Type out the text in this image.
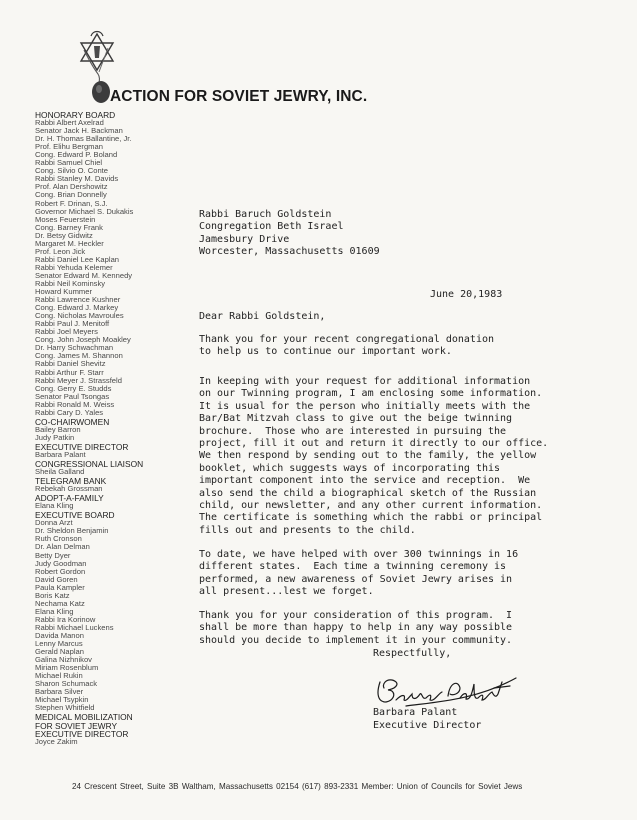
ACTION FOR SOVIET JEWRY, INC.
HONORARY BOARD
Rabbi Albert Axelrad
Senator Jack H. Backman
Dr. H. Thomas Ballantine, Jr.
Prof. Elihu Bergman
Cong. Edward P. Boland
Rabbi Samuel Chiel
Cong. Silvio O. Conte
Rabbi Stanley M. Davids
Prof. Alan Dershowitz
Cong. Brian Donnelly
Robert F. Drinan, S.J.
Governor Michael S. Dukakis
Moses Feuerstein
Cong. Barney Frank
Dr. Betsy Gidwitz
Margaret M. Heckler
Prof. Leon Jick
Rabbi Daniel Lee Kaplan
Rabbi Yehuda Kelemer
Senator Edward M. Kennedy
Rabbi Neil Kominsky
Howard Kummer
Rabbi Lawrence Kushner
Cong. Edward J. Markey
Cong. Nicholas Mavroules
Rabbi Paul J. Menitoff
Rabbi Joel Meyers
Cong. John Joseph Moakley
Dr. Harry Schwachman
Cong. James M. Shannon
Rabbi Daniel Shevitz
Rabbi Arthur F. Starr
Rabbi Meyer J. Strassfeld
Cong. Gerry E. Studds
Senator Paul Tsongas
Rabbi Ronald M. Weiss
Rabbi Cary D. Yales
CO-CHAIRWOMEN
Bailey Barron
Judy Patkin
EXECUTIVE DIRECTOR
Barbara Palant
CONGRESSIONAL LIAISON
Sheila Galland
TELEGRAM BANK
Rebekah Grossman
ADOPT-A-FAMILY
Elana Kling
EXECUTIVE BOARD
Donna Arzt
Dr. Sheldon Benjamin
Ruth Cronson
Dr. Alan Delman
Betty Dyer
Judy Goodman
Robert Gordon
David Goren
Paula Kampler
Boris Katz
Nechama Katz
Elana Kling
Rabbi Ira Korinow
Rabbi Michael Luckens
Davida Manon
Lenny Marcus
Gerald Naplan
Galina Nizhnikov
Miriam Rosenblum
Michael Rukin
Sharon Schumack
Barbara Silver
Michael Tsypkin
Stephen Whitfield
MEDICAL MOBILIZATION
FOR SOVIET JEWRY
EXECUTIVE DIRECTOR
Joyce Zakim
Rabbi Baruch Goldstein
Congregation Beth Israel
Jamesbury Drive
Worcester, Massachusetts 01609
June 20,1983
Dear Rabbi Goldstein,
Thank you for your recent congregational donation
to help us to continue our important work.
In keeping with your request for additional information
on our Twinning program, I am enclosing some information.
It is usual for the person who initially meets with the
Bar/Bat Mitzvah class to give out the beige twinning
brochure.  Those who are interested in pursuing the
project, fill it out and return it directly to our office.
We then respond by sending out to the family, the yellow
booklet, which suggests ways of incorporating this
important component into the service and reception.  We
also send the child a biographical sketch of the Russian
child, our newsletter, and any other current information.
The certificate is something which the rabbi or principal
fills out and presents to the child.
To date, we have helped with over 300 twinnings in 16
different states.  Each time a twinning ceremony is
performed, a new awareness of Soviet Jewry arises in
all present...lest we forget.
Thank you for your consideration of this program.  I
shall be more than happy to help in any way possible
should you decide to implement it in your community.
Respectfully,
Barbara Palant
Executive Director
24 Crescent Street, Suite 3B Waltham, Massachusetts 02154 (617) 893-2331 Member: Union of Councils for Soviet Jews
